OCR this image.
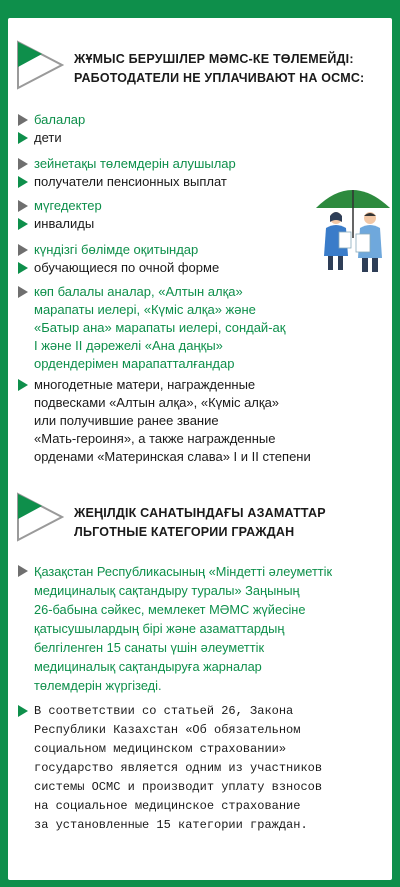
ЖҰМЫС БЕРУШІЛЕР МӘМС-КЕ ТӨЛЕМЕЙДІ:
РАБОТОДАТЕЛИ НЕ УПЛАЧИВАЮТ НА ОСМС:
балалар
дети
зейнетақы төлемдерін алушылар
получатели пенсионных выплат
мүгедектер
инвалиды
күндізгі бөлімде оқитындар
обучающиеся по очной форме
көп балалы аналар, «Алтын алқа»
марапаты иелері, «Күміс алқа» және
«Батыр ана» марапаты иелері, сондай-ақ
I және II дәрежелі «Ана даңқы»
ордендерімен марапатталғандар
многодетные матери, награжденные
подвесками «Алтын алқа», «Күміс алқа»
или получившие ранее звание
«Мать-героиня», а также награжденные
орденами «Материнская слава» I и II степени
ЖЕҢІЛДІК САНАТЫНДАҒЫ АЗАМАТТАР
ЛЬГОТНЫЕ КАТЕГОРИИ ГРАЖДАН
Қазақстан Республикасының «Міндетті әлеуметтік
медициналық сақтандыру туралы» Заңының
26-бабына сәйкес, мемлекет МӘМС жүйесіне
қатысушылардың бірі және азаматтардың
белгіленген 15 санаты үшін әлеуметтік
медициналық сақтандыруға жарналар
төлемдерін жүргізеді.
В соответствии со статьей 26, Закона
Республики Казахстан «Об обязательном
социальном медицинском страховании»
государство является одним из участников
системы ОСМС и производит уплату взносов
на социальное медицинское страхование
за установленные 15 категории граждан.
